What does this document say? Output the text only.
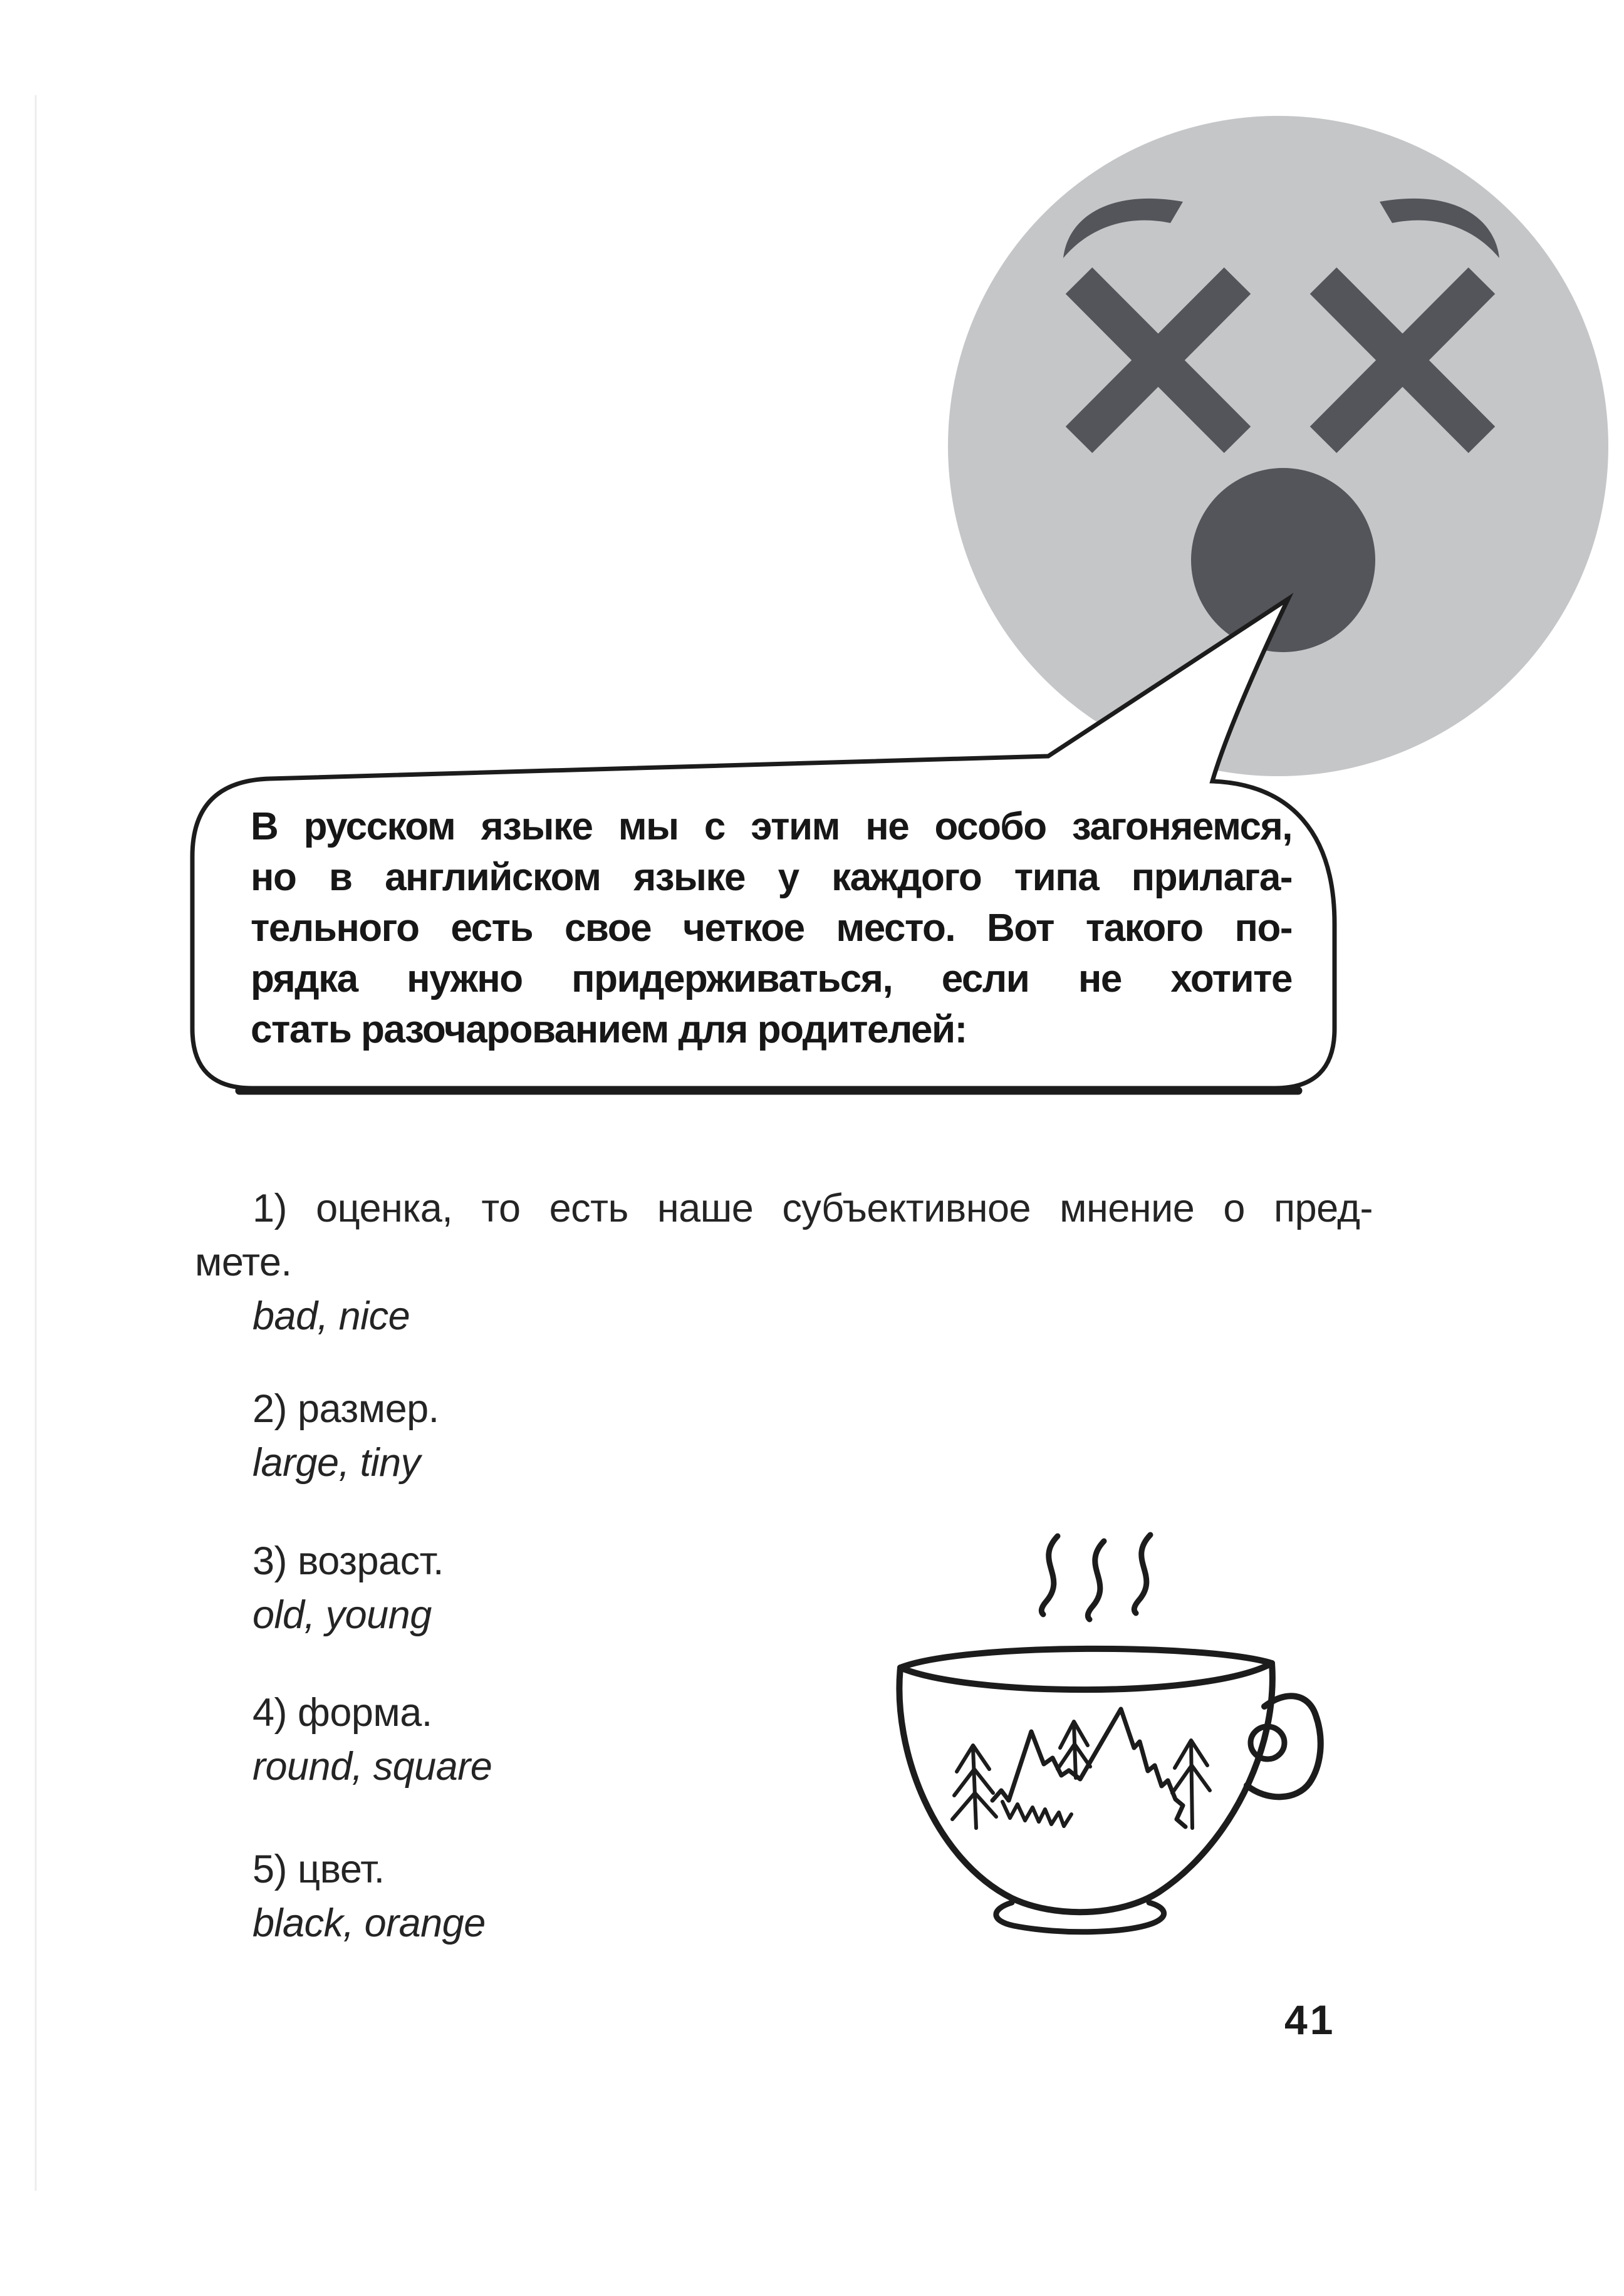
В русском языке мы с этим не особо загоняемся,
но в английском языке у каждого типа прилага-
тельного есть свое четкое место. Вот такого по-
рядка нужно придерживаться, если не хотите
стать разочарованием для родителей:
1) оценка, то есть наше субъективное мнение о пред-
мете.
bad, nice
2) размер.
large, tiny
3) возраст.
old, young
4) форма.
round, square
5) цвет.
black, orange
41
